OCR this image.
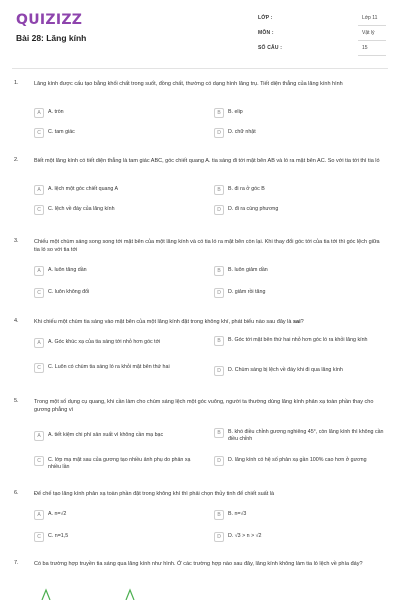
QUIZIZZ
Bài 28: Lăng kính
LỚP :	Lớp 11
MÔN :	Vật lý
SỐ CÂU :	15
1.	Lăng kính được cấu tạo bằng khối chất trong suốt, đồng chất, thường có dạng hình lăng trụ. Tiết diện thẳng của lăng kính hình
A	A. tròn	B	B. elip
C	C. tam giác	D	D. chữ nhật
2.	Biết một lăng kính có tiết diện thẳng là tam giác ABC, góc chiết quang A. tia sáng đi tới mặt bên AB và ló ra mặt bên AC. So với tia tới thì tia ló
A	A. lệch một góc chiết quang A	B	B. đi ra ở góc B
C	C. lệch về đáy của lăng kính	D	D. đi ra cùng phương
3.	Chiếu một chùm sáng song song tới mặt bên của một lăng kính và có tia ló ra mặt bên còn lại. Khi thay đổi góc tới của tia tới thì góc lệch giữa tia ló so với tia tới
A	A. luôn tăng dần	B	B. luôn giảm dần
C	C. luôn không đổi	D	D. giảm rồi tăng
4.	Khi chiếu một chùm tia sáng vào mặt bên của một lăng kính đặt trong không khí, phát biểu nào sau đây là sai?
A	A. Góc khúc xạ của tia sáng tới nhỏ hơn góc tới	B	B. Góc tới mặt bên thứ hai nhỏ hơn góc ló ra khỏi lăng kính
C	C. Luôn có chùm tia sáng ló ra khỏi mặt bên thứ hai
D	D. Chùm sáng bị lệch về đáy khi đi qua lăng kính
5.	Trong một số dụng cụ quang, khi cần làm cho chùm sáng lệch một góc vuông, người ta thường dùng lăng kính phản xạ toàn phần thay cho gương phẳng vì
A	A. tiết kiệm chi phí sản xuất vì không cần mạ bạc	B	B. khó điều chỉnh gương nghiêng 45°, còn lăng kính thì không cần điều chỉnh
C	C. lớp mạ mặt sau của gương tạo nhiều ảnh phụ do phản xạ nhiều lần
D	D. lăng kính có hệ số phản xạ gần 100% cao hơn ở gương
6.	Để chế tạo lăng kính phản xạ toàn phần đặt trong không khí thì phải chọn thủy tinh để chiết suất là
A	A. n=√2	B	B. n=√3
C	C. n=1,5	D	D. √3 > n > √2
7.	Có ba trường hợp truyền tia sáng qua lăng kính như hình. Ở các trường hợp nào sau đây, lăng kính không làm tia ló lệch về phía đáy?
